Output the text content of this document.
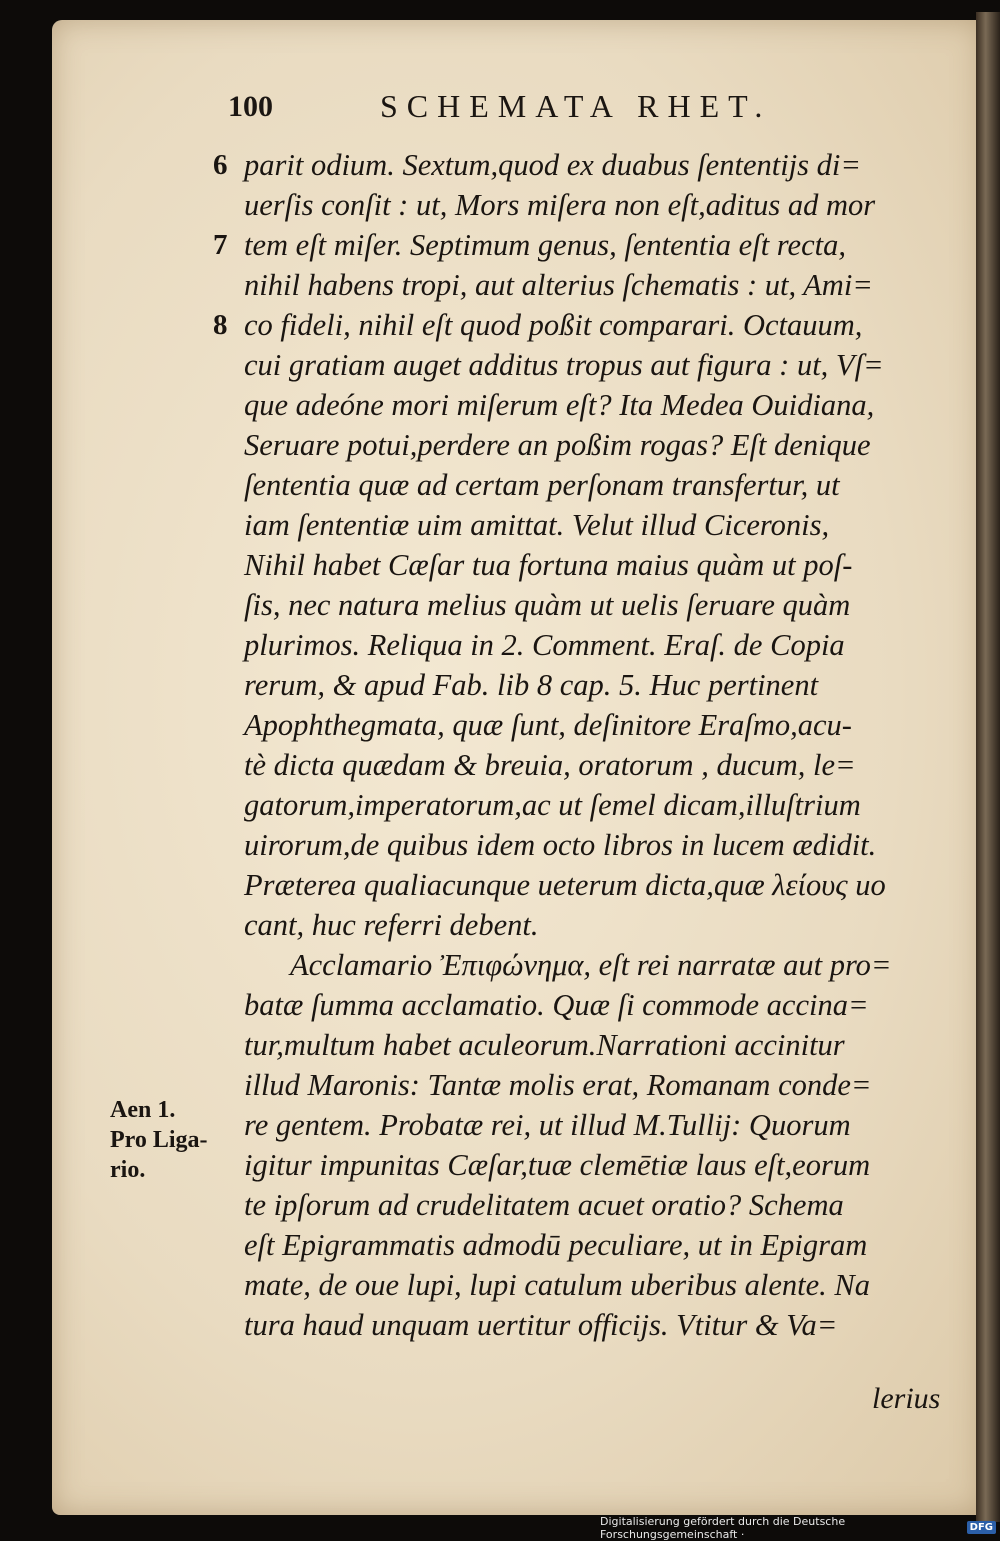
100	SCHEMATA RHET.
parit odium. Sextum,quod ex duabus ſententijs di=
uerſis conſit : ut, Mors miſera non eſt,aditus ad mor
tem eſt miſer. Septimum genus, ſententia eſt recta,
nihil habens tropi, aut alterius ſchematis : ut, Ami=
co fideli, nihil eſt quod poßit comparari. Octauum,
cui gratiam auget additus tropus aut figura : ut, Vſ=
que adeóne mori miſerum eſt? Ita Medea Ouidiana,
Seruare potui,perdere an poßim rogas? Eſt denique
ſententia quæ ad certam perſonam transfertur, ut
iam ſententiæ uim amittat. Velut illud Ciceronis,
Nihil habet Cæſar tua fortuna maius quàm ut poſ-
ſis, nec natura melius quàm ut uelis ſeruare quàm
plurimos. Reliqua in 2. Comment. Eraſ. de Copia
rerum, & apud Fab. lib 8 cap. 5. Huc pertinent
Apophthegmata, quæ ſunt, deſinitore Eraſmo,acu-
tè dicta quædam & breuia, oratorum , ducum, le=
gatorum,imperatorum,ac ut ſemel dicam,illuſtrium
uirorum,de quibus idem octo libros in lucem ædidit.
Præterea qualiacunque ueterum dicta,quæ λείους uo
cant, huc referri debent.
Acclamario Ἐπιφώνημα, eſt rei narratæ aut pro=
batæ ſumma acclamatio. Quæ ſi commode accina=
tur,multum habet aculeorum.Narrationi accinitur
illud Maronis: Tantæ molis erat, Romanam conde=
re gentem. Probatæ rei, ut illud M.Tullij: Quorum
igitur impunitas Cæſar,tuæ clemētiæ laus eſt,eorum
te ipſorum ad crudelitatem acuet oratio? Schema
eſt Epigrammatis admodū peculiare, ut in Epigram
mate, de oue lupi, lupi catulum uberibus alente. Na
tura haud unquam uertitur officijs. Vtitur & Va=
6
7
8
Aen 1.
Pro Liga-
rio.
lerius
Digitalisierung gefördert durch die Deutsche Forschungsgemeinschaft ·	DFG
